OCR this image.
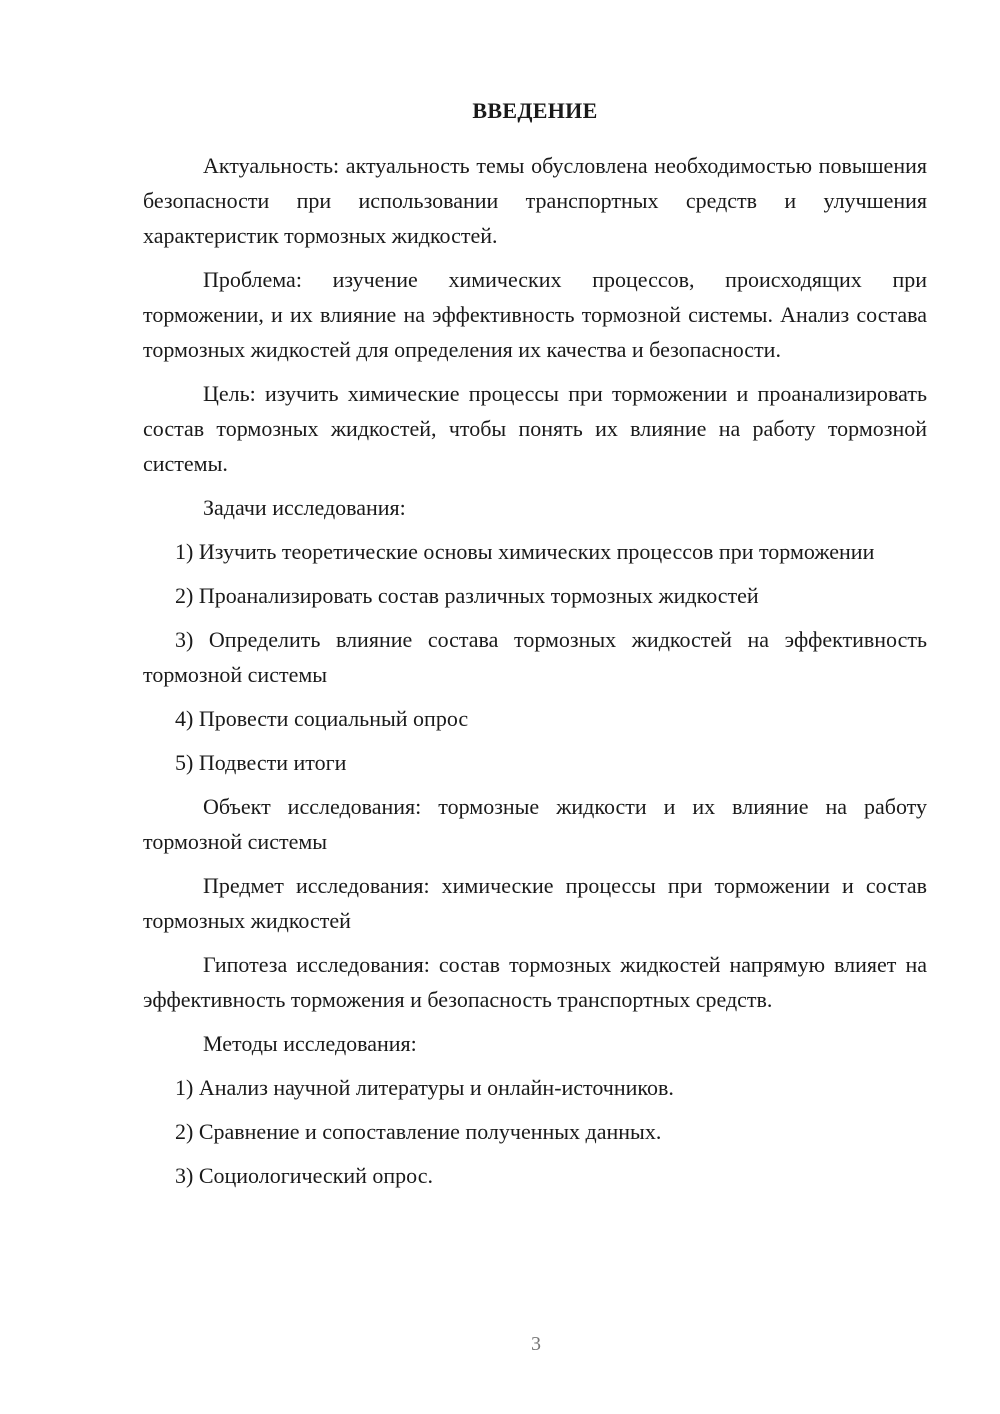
ВВЕДЕНИЕ

Актуальность: актуальность темы обусловлена необходимостью повышения безопасности при использовании транспортных средств и улучшения характеристик тормозных жидкостей.

Проблема: изучение химических процессов, происходящих при торможении, и их влияние на эффективность тормозной системы. Анализ состава тормозных жидкостей для определения их качества и безопасности.

Цель: изучить химические процессы при торможении и проанализировать состав тормозных жидкостей, чтобы понять их влияние на работу тормозной системы.

Задачи исследования:

1) Изучить теоретические основы химических процессов при торможении

2) Проанализировать состав различных тормозных жидкостей

3) Определить влияние состава тормозных жидкостей на эффективность тормозной системы

4) Провести социальный опрос

5) Подвести итоги

Объект исследования: тормозные жидкости и их влияние на работу тормозной системы

Предмет исследования: химические процессы при торможении и состав тормозных жидкостей

Гипотеза исследования: состав тормозных жидкостей напрямую влияет на эффективность торможения и безопасность транспортных средств.

Методы исследования:

1) Анализ научной литературы и онлайн-источников.

2) Сравнение и сопоставление полученных данных.

3) Социологический опрос.

3
